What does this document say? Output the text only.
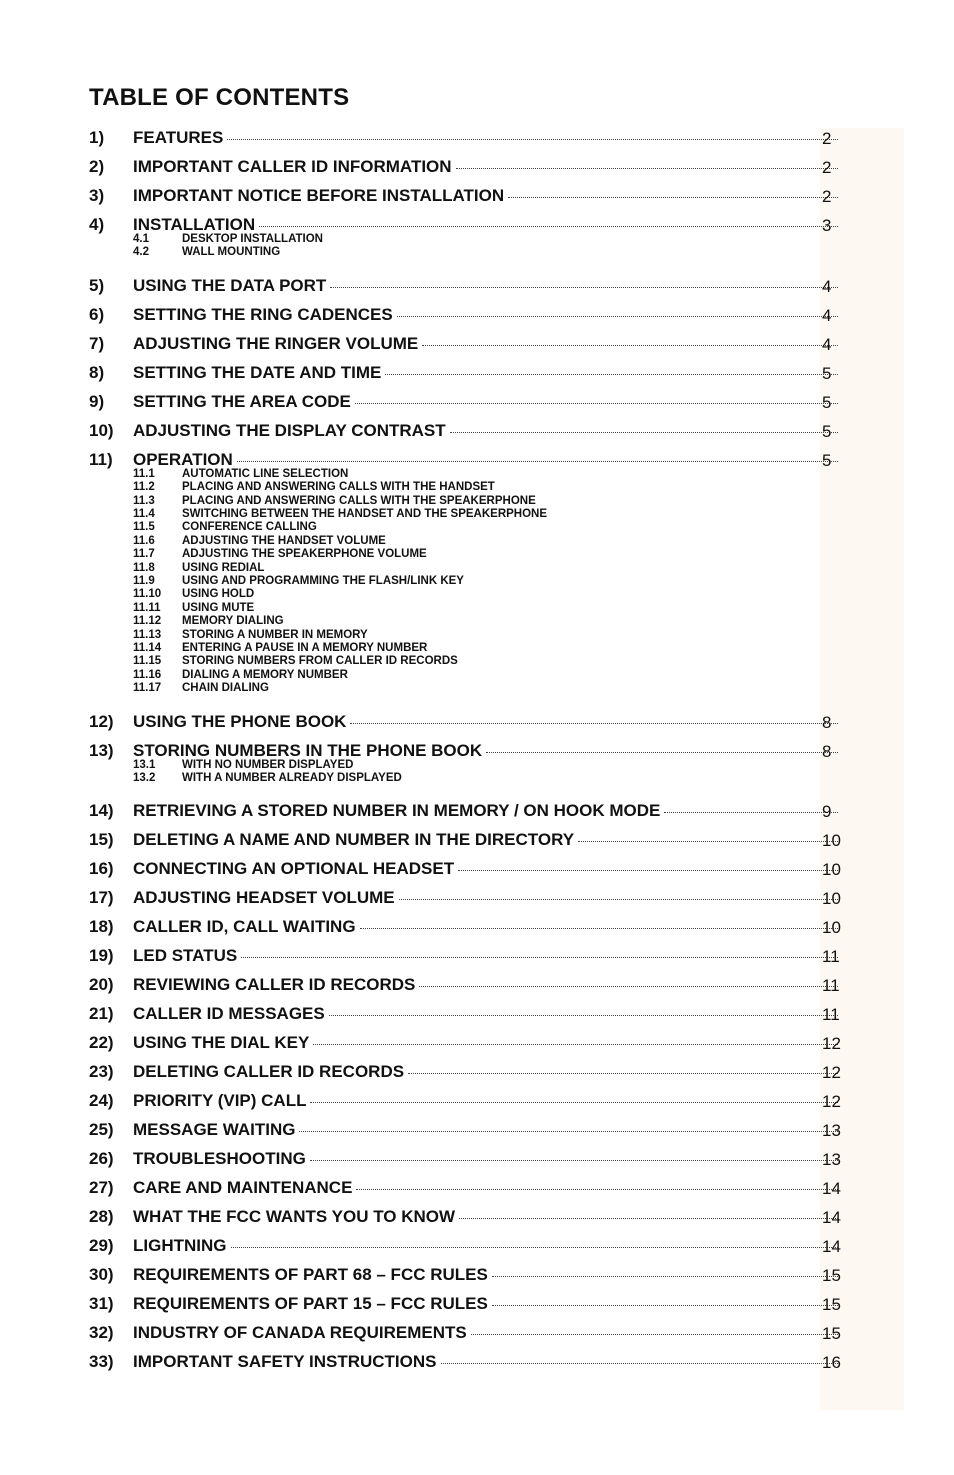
TABLE OF CONTENTS
1)	FEATURES	2
2)	IMPORTANT CALLER ID INFORMATION	2
3)	IMPORTANT NOTICE BEFORE INSTALLATION	2
4)	INSTALLATION	3
4.1	DESKTOP INSTALLATION
4.2	WALL MOUNTING
5)	USING THE DATA PORT	4
6)	SETTING THE RING CADENCES	4
7)	ADJUSTING THE RINGER VOLUME	4
8)	SETTING THE DATE AND TIME	5
9)	SETTING THE AREA CODE	5
10)	ADJUSTING THE DISPLAY CONTRAST	5
11)	OPERATION	5
11.1 AUTOMATIC LINE SELECTION
11.2 PLACING AND ANSWERING CALLS WITH THE HANDSET
11.3 PLACING AND ANSWERING CALLS WITH THE SPEAKERPHONE
11.4 SWITCHING BETWEEN THE HANDSET AND THE SPEAKERPHONE
11.5 CONFERENCE CALLING
11.6 ADJUSTING THE HANDSET VOLUME
11.7 ADJUSTING THE SPEAKERPHONE VOLUME
11.8 USING REDIAL
11.9 USING AND PROGRAMMING THE FLASH/LINK KEY
11.10 USING HOLD
11.11 USING MUTE
11.12 MEMORY DIALING
11.13 STORING A NUMBER IN MEMORY
11.14 ENTERING A PAUSE IN A MEMORY NUMBER
11.15 STORING NUMBERS FROM CALLER ID RECORDS
11.16 DIALING A MEMORY NUMBER
11.17 CHAIN DIALING
12)	USING THE PHONE BOOK	8
13)	STORING NUMBERS IN THE PHONE BOOK	8
13.1 WITH NO NUMBER DISPLAYED
13.2 WITH A NUMBER ALREADY DISPLAYED
14)	RETRIEVING A STORED NUMBER IN MEMORY / ON HOOK MODE	9
15)	DELETING A NAME AND NUMBER IN THE DIRECTORY	10
16)	CONNECTING AN OPTIONAL HEADSET	10
17)	ADJUSTING HEADSET VOLUME	10
18)	CALLER ID, CALL WAITING	10
19)	LED STATUS	11
20)	REVIEWING CALLER ID RECORDS	11
21)	CALLER ID MESSAGES	11
22)	USING THE DIAL KEY	12
23)	DELETING CALLER ID RECORDS	12
24)	PRIORITY (VIP) CALL	12
25)	MESSAGE WAITING	13
26)	TROUBLESHOOTING	13
27)	CARE AND MAINTENANCE	14
28)	WHAT THE FCC WANTS YOU TO KNOW	14
29)	LIGHTNING	14
30)	REQUIREMENTS OF PART 68 – FCC RULES	15
31)	REQUIREMENTS OF PART 15 – FCC RULES	15
32)	INDUSTRY OF CANADA REQUIREMENTS	15
33)	IMPORTANT SAFETY INSTRUCTIONS	16
